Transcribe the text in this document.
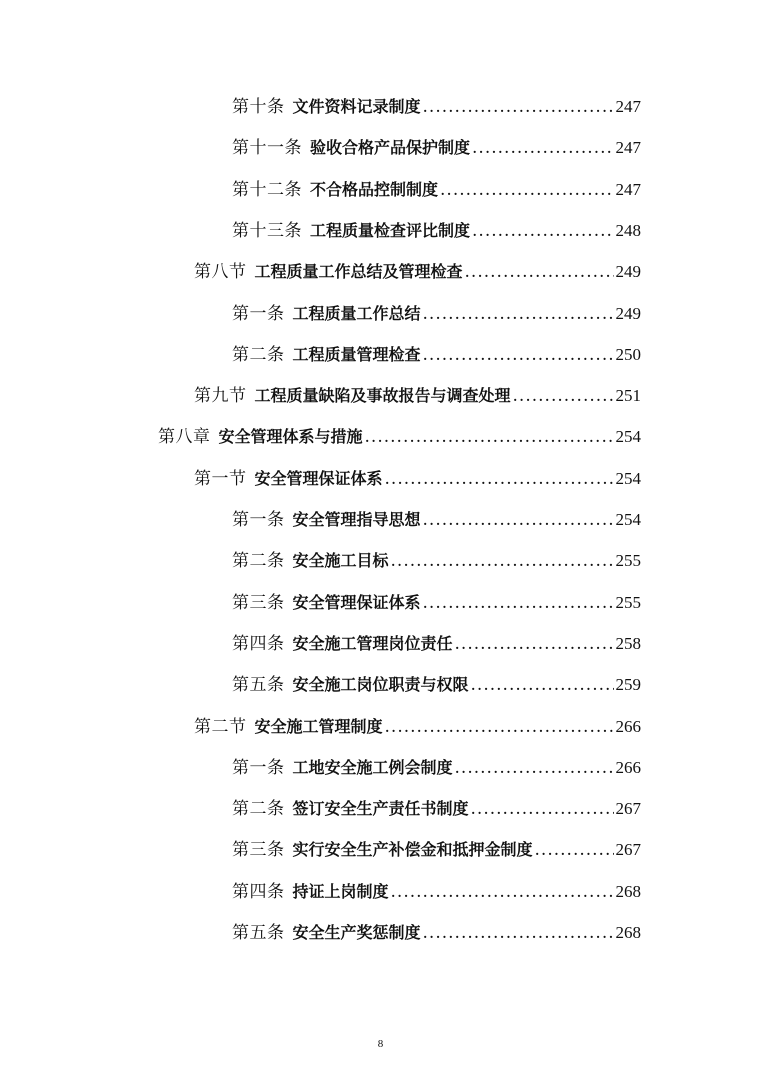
第十条 文件资料记录制度 .....	247
第十一条 验收合格产品保护制度 .....	247
第十二条 不合格品控制制度 .....	247
第十三条 工程质量检查评比制度 .....	248
第八节 工程质量工作总结及管理检查 .....	249
第一条 工程质量工作总结 .....	249
第二条 工程质量管理检查 .....	250
第九节 工程质量缺陷及事故报告与调查处理 .....	251
第八章 安全管理体系与措施 .....	254
第一节 安全管理保证体系 .....	254
第一条 安全管理指导思想 .....	254
第二条 安全施工目标 .....	255
第三条 安全管理保证体系 .....	255
第四条 安全施工管理岗位责任 .....	258
第五条 安全施工岗位职责与权限 .....	259
第二节 安全施工管理制度 .....	266
第一条 工地安全施工例会制度 .....	266
第二条 签订安全生产责任书制度 .....	267
第三条 实行安全生产补偿金和抵押金制度 .....	267
第四条 持证上岗制度 .....	268
第五条 安全生产奖惩制度 .....	268
8
